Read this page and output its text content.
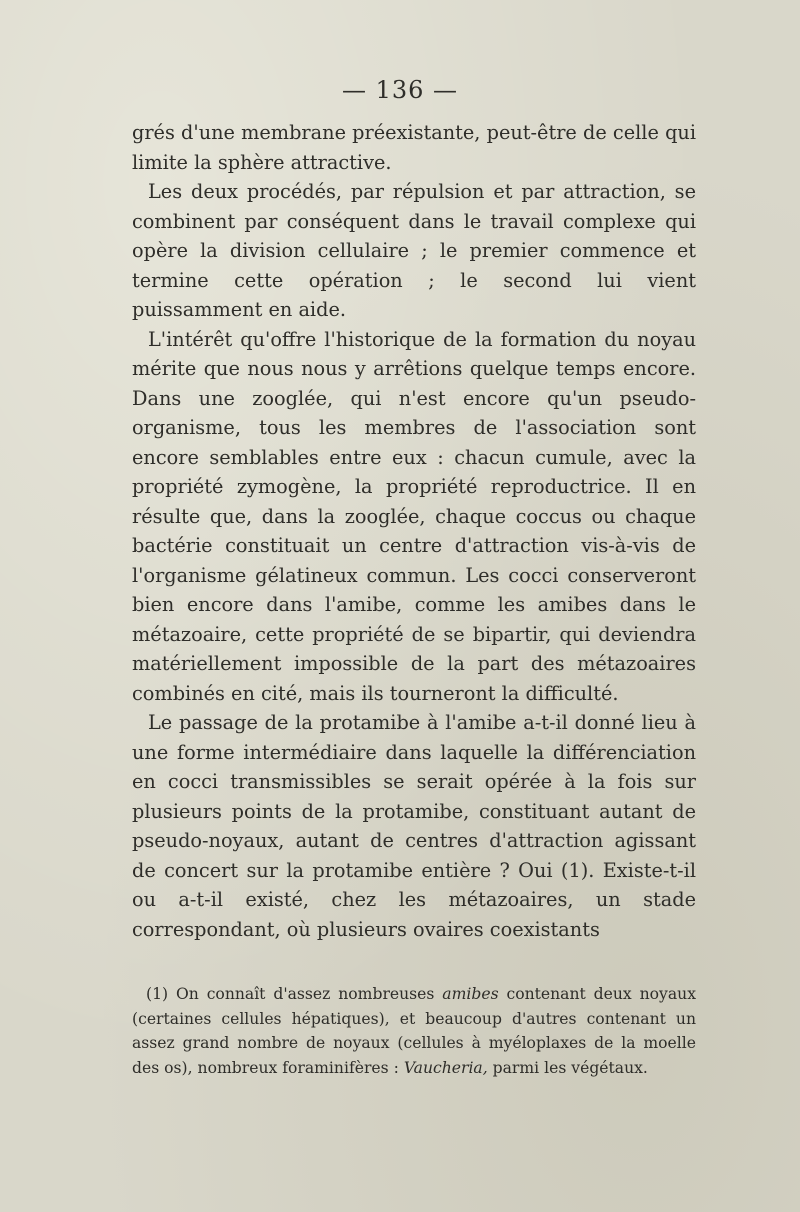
— 136 —

grés d'une membrane préexistante, peut-être de celle qui limite la sphère attractive.

Les deux procédés, par répulsion et par attraction, se combinent par conséquent dans le travail complexe qui opère la division cellulaire ; le premier commence et termine cette opération ; le second lui vient puissamment en aide.

L'intérêt qu'offre l'historique de la formation du noyau mérite que nous nous y arrêtions quelque temps encore. Dans une zooglée, qui n'est encore qu'un pseudo-organisme, tous les membres de l'association sont encore semblables entre eux : chacun cumule, avec la propriété zymogène, la propriété reproductrice. Il en résulte que, dans la zooglée, chaque coccus ou chaque bactérie constituait un centre d'attraction vis-à-vis de l'organisme gélatineux commun. Les cocci conserveront bien encore dans l'amibe, comme les amibes dans le métazoaire, cette propriété de se bipartir, qui deviendra matériellement impossible de la part des métazoaires combinés en cité, mais ils tourneront la difficulté.

Le passage de la protamibe à l'amibe a-t-il donné lieu à une forme intermédiaire dans laquelle la différenciation en cocci transmissibles se serait opérée à la fois sur plusieurs points de la protamibe, constituant autant de pseudo-noyaux, autant de centres d'attraction agissant de concert sur la protamibe entière ? Oui (1). Existe-t-il ou a-t-il existé, chez les métazoaires, un stade correspondant, où plusieurs ovaires coexistants

(1) On connaît d'assez nombreuses amibes contenant deux noyaux (certaines cellules hépatiques), et beaucoup d'autres contenant un assez grand nombre de noyaux (cellules à myéloplaxes de la moelle des os), nombreux foraminifères : Vaucheria, parmi les végétaux.
